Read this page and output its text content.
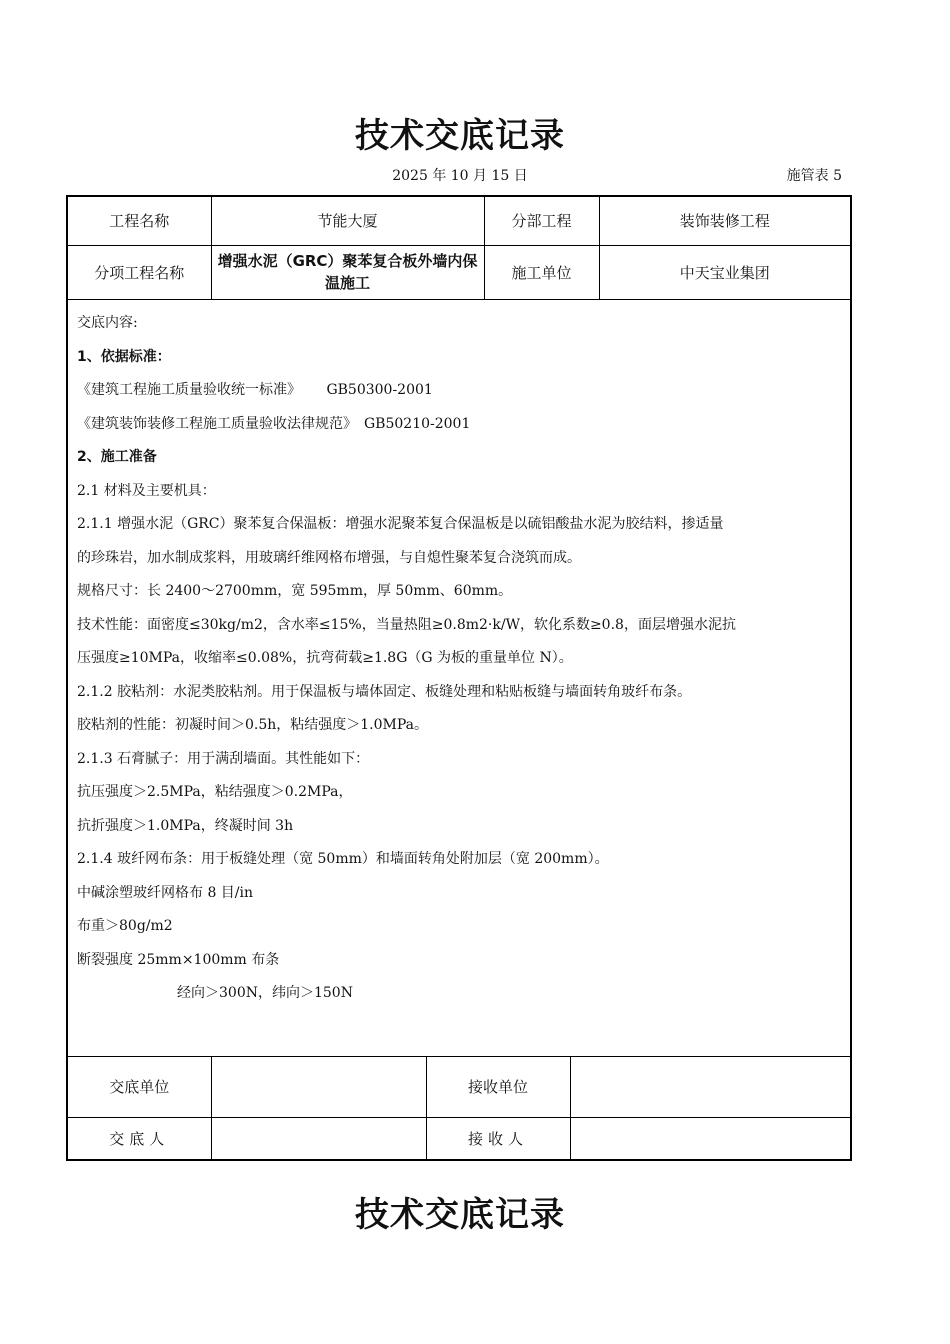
技术交底记录
2025 年 10 月 15 日	施管表 5
工程名称	节能大厦	分部工程	装饰装修工程
分项工程名称	增强水泥（GRC）聚苯复合板外墙内保温施工	施工单位	中天宝业集团

交底内容:

1、依据标准：

《建筑工程施工质量验收统一标准》　　 GB50300-2001

《建筑装饰装修工程施工质量验收法律规范》　GB50210-2001

2、施工准备

2.1 材料及主要机具：

2.1.1 增强水泥（GRC）聚苯复合保温板：增强水泥聚苯复合保温板是以硫铝酸盐水泥为胶结料，掺适量

的珍珠岩，加水制成浆料，用玻璃纤维网格布增强，与自熄性聚苯复合浇筑而成。

规格尺寸：长 2400～2700mm，宽 595mm，厚 50mm、60mm。

技术性能：面密度≤30kg/m2，含水率≤15%，当量热阻≥0.8m2·k/W，软化系数≥0.8，面层增强水泥抗

压强度≥10MPa，收缩率≤0.08%，抗弯荷载≥1.8G（G 为板的重量单位 N）。

2.1.2 胶粘剂：水泥类胶粘剂。用于保温板与墙体固定、板缝处理和粘贴板缝与墙面转角玻纤布条。

胶粘剂的性能：初凝时间＞0.5h，粘结强度＞1.0MPa。

2.1.3 石膏腻子：用于满刮墙面。其性能如下：

抗压强度＞2.5MPa，粘结强度＞0.2MPa，

抗折强度＞1.0MPa，终凝时间 3h

2.1.4 玻纤网布条：用于板缝处理（宽 50mm）和墙面转角处附加层（宽 200mm）。

中碱涂塑玻纤网格布 8 目/in

布重＞80g/m2

断裂强度 25mm×100mm 布条

经向＞300N，纬向＞150N

交底单位		接收单位	
交底人		接收人	
技术交底记录
